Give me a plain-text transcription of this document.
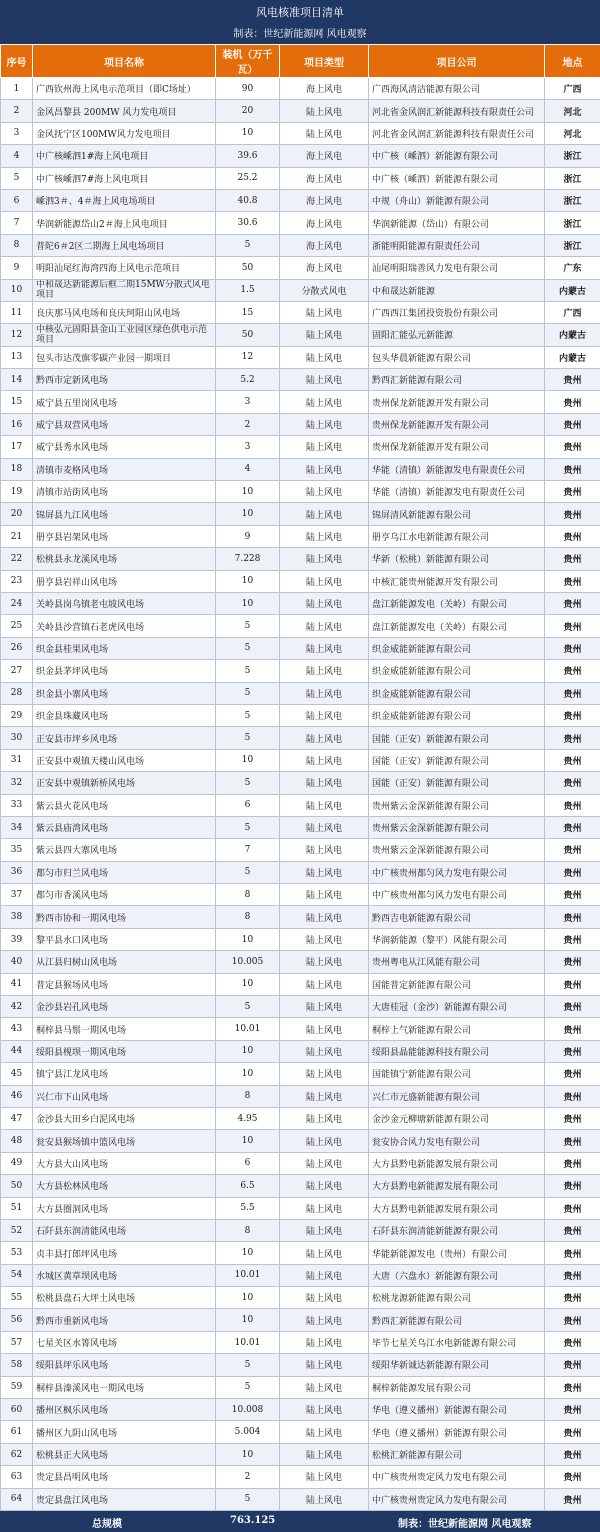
风电核准项目清单
制表：世纪新能源网 风电观察
序号	项目名称	装机（万千瓦）	项目类型	项目公司	地点
1	广西钦州海上风电示范项目（即C场址）	90	海上风电	广西海风清洁能源有限公司	广西
2	金风昌黎县 200MW 风力发电项目	20	陆上风电	河北省金风润汇新能源科技有限责任公司	河北
3	金风抚宁区100MW风力发电项目	10	陆上风电	河北省金风润汇新能源科技有限责任公司	河北
4	中广核嵊泗1#海上风电项目	39.6	海上风电	中广核（嵊泗）新能源有限公司	浙江
5	中广核嵊泗7#海上风电项目	25.2	海上风电	中广核（嵊泗）新能源有限公司	浙江
6	嵊泗3＃、4＃海上风电场项目	40.8	海上风电	中规（舟山）新能源有限公司	浙江
7	华润新能源岱山2＃海上风电项目	30.6	海上风电	华润新能源（岱山）有限公司	浙江
8	普陀6＃2区二期海上风电场项目	5	海上风电	浙能明阳能源有限责任公司	浙江
9	明阳汕尾红海湾四海上风电示范项目	50	海上风电	汕尾明阳瑞善风力发电有限公司	广东
10	中和晟达新能源后框二期15MW分散式风电项目	1.5	分散式风电	中和晟达新能源	内蒙古
11	良庆那马风电场和良庆珂阳山风电场	15	陆上风电	广西西江集团投资股份有限公司	广西
12	中核弘元固阳县金山工业园区绿色供电示范项目	50	陆上风电	固阳汇能弘元新能源	内蒙古
13	包头市达茂旗零碳产业园一期项目	12	陆上风电	包头华晨新能源有限公司	内蒙古
14	黔西市定新风电场	5.2	陆上风电	黔西汇新能源有限公司	贵州
15	威宁县五里岗风电场	3	陆上风电	贵州保龙新能源开发有限公司	贵州
16	威宁县双营风电场	2	陆上风电	贵州保龙新能源开发有限公司	贵州
17	威宁县秀水风电场	3	陆上风电	贵州保龙新能源开发有限公司	贵州
18	清镇市麦格风电场	4	陆上风电	华能（清镇）新能源发电有限责任公司	贵州
19	清镇市站街风电场	10	陆上风电	华能（清镇）新能源发电有限责任公司	贵州
20	锦屏县九江风电场	10	陆上风电	锦屏清风新能源有限公司	贵州
21	册亨县岩架风电场	9	陆上风电	册亨乌江水电新能源有限公司	贵州
22	松桃县永龙溪风电场	7.228	陆上风电	华新（松桃）新能源有限公司	贵州
23	册亨县岩祥山风电场	10	陆上风电	中核汇能贵州能源开发有限公司	贵州
24	关岭县岗乌镇老屯坡风电场	10	陆上风电	盘江新能源发电（关岭）有限公司	贵州
25	关岭县沙营镇石老虎风电场	5	陆上风电	盘江新能源发电（关岭）有限公司	贵州
26	织金县桂果风电场	5	陆上风电	织金威能新能源有限公司	贵州
27	织金县茅坪风电场	5	陆上风电	织金威能新能源有限公司	贵州
28	织金县小寨风电场	5	陆上风电	织金威能新能源有限公司	贵州
29	织金县珠藏风电场	5	陆上风电	织金威能新能源有限公司	贵州
30	正安县市坪乡风电场	5	陆上风电	国能（正安）新能源有限公司	贵州
31	正安县中观镇天楼山风电场	10	陆上风电	国能（正安）新能源有限公司	贵州
32	正安县中观镇新桥风电场	5	陆上风电	国能（正安）新能源有限公司	贵州
33	紫云县火花风电场	6	陆上风电	贵州紫云金深新能源有限公司	贵州
34	紫云县庙湾风电场	5	陆上风电	贵州紫云金深新能源有限公司	贵州
35	紫云县四大寨风电场	7	陆上风电	贵州紫云金深新能源有限公司	贵州
36	都匀市归兰风电场	5	陆上风电	中广核贵州都匀风力发电有限公司	贵州
37	都匀市香溪风电场	8	陆上风电	中广核贵州都匀风力发电有限公司	贵州
38	黔西市协和一期风电场	8	陆上风电	黔西吉电新能源有限公司	贵州
39	黎平县水口风电场	10	陆上风电	华润新能源（黎平）风能有限公司	贵州
40	从江县归树山风电场	10.005	陆上风电	贵州粤电从江风能有限公司	贵州
41	普定县猴场风电场	10	陆上风电	国能普定新能源有限公司	贵州
42	金沙县岩孔风电场	5	陆上风电	大唐桂冠（金沙）新能源有限公司	贵州
43	桐梓县马鬃一期风电场	10.01	陆上风电	桐梓上气新能源有限公司	贵州
44	绥阳县枧坝一期风电场	10	陆上风电	绥阳县晶能能源科技有限公司	贵州
45	镇宁县江龙风电场	10	陆上风电	国能镇宁新能源有限公司	贵州
46	兴仁市下山风电场	8	陆上风电	兴仁市元盛新能源有限公司	贵州
47	金沙县大田乡白泥风电场	4.95	陆上风电	金沙金元柳塘新能源有限公司	贵州
48	瓮安县猴场镇中篮风电场	10	陆上风电	瓮安协合风力发电有限公司	贵州
49	大方县大山风电场	6	陆上风电	大方县黔电新能源发展有限公司	贵州
50	大方县松林风电场	6.5	陆上风电	大方县黔电新能源发展有限公司	贵州
51	大方县圈洞风电场	5.5	陆上风电	大方县黔电新能源发展有限公司	贵州
52	石阡县东润清能风电场	8	陆上风电	石阡县东润清能新能源有限公司	贵州
53	贞丰县打郎坪风电场	10	陆上风电	华能新能源发电（贵州）有限公司	贵州
54	水城区黄草坝风电场	10.01	陆上风电	大唐（六盘水）新能源有限公司	贵州
55	松桃县盘石大坪土风电场	10	陆上风电	松桃龙源新能源有限公司	贵州
56	黔西市重新风电场	10	陆上风电	黔西汇新能源有限公司	贵州
57	七星关区水箐风电场	10.01	陆上风电	毕节七星关乌江水电新能源有限公司	贵州
58	绥阳县坪乐风电场	5	陆上风电	绥阳华新诚达新能源有限公司	贵州
59	桐梓县溱溪风电一期风电场	5	陆上风电	桐梓新能源发展有限公司	贵州
60	播州区枫乐风电场	10.008	陆上风电	华电（遵义播州）新能源有限公司	贵州
61	播州区九阴山风电场	5.004	陆上风电	华电（遵义播州）新能源有限公司	贵州
62	松桃县正大风电场	10	陆上风电	松桃汇新能源有限公司	贵州
63	贵定县昌明风电场	2	陆上风电	中广核贵州贵定风力发电有限公司	贵州
64	贵定县盘江风电场	5	陆上风电	中广核贵州贵定风力发电有限公司	贵州
总规模	763.125	制表：世纪新能源网 风电观察
